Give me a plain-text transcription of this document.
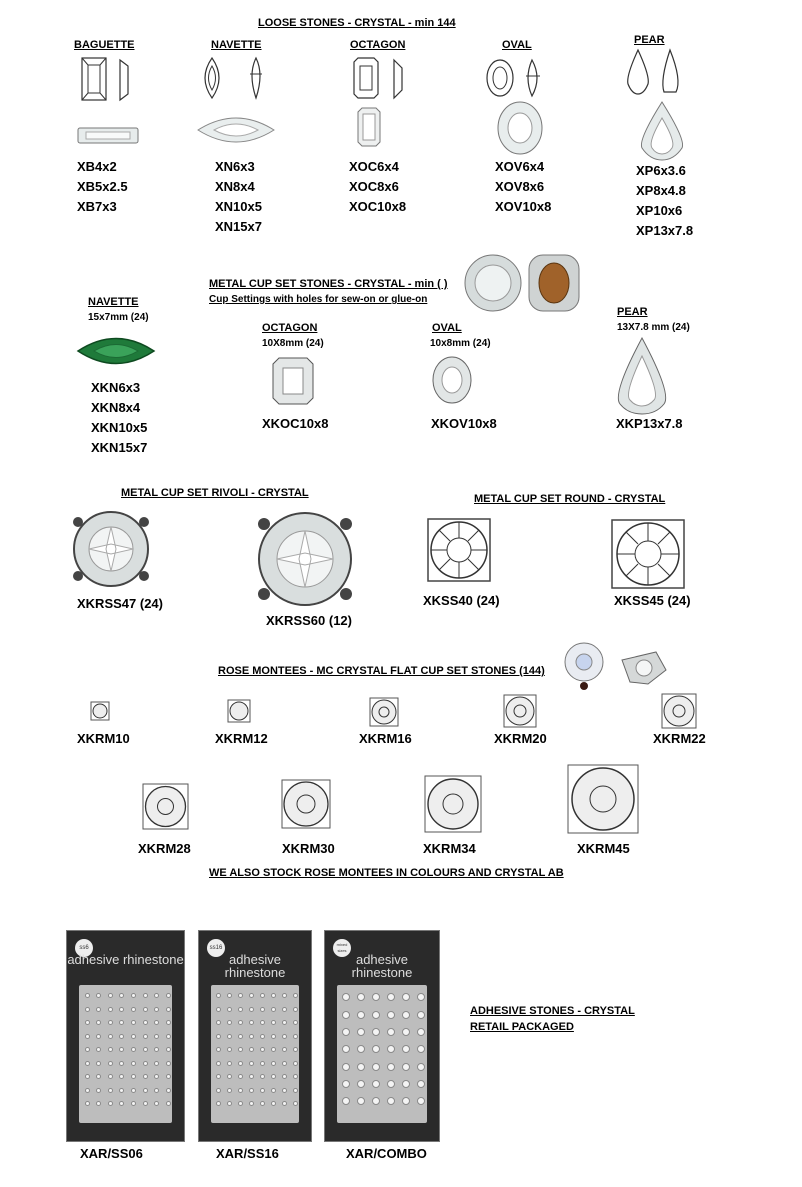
LOOSE STONES - CRYSTAL - min 144
BAGUETTE
XB4x2
XB5x2.5
XB7x3
NAVETTE
XN6x3
XN8x4
XN10x5
XN15x7
OCTAGON
XOC6x4
XOC8x6
XOC10x8
OVAL
XOV6x4
XOV8x6
XOV10x8
PEAR
XP6x3.6
XP8x4.8
XP10x6
XP13x7.8
METAL CUP SET STONES - CRYSTAL - min ( )
Cup Settings with holes for sew-on or glue-on
NAVETTE
15x7mm (24)
XKN6x3
XKN8x4
XKN10x5
XKN15x7
OCTAGON
10X8mm (24)
XKOC10x8
OVAL
10x8mm (24)
XKOV10x8
PEAR
13X7.8 mm (24)
XKP13x7.8
METAL CUP SET RIVOLI - CRYSTAL
XKRSS47 (24)
XKRSS60 (12)
METAL CUP SET ROUND - CRYSTAL
XKSS40 (24)	XKSS45 (24)
ROSE MONTEES - MC CRYSTAL FLAT CUP SET STONES (144)
XKRM10	XKRM12	XKRM16	XKRM20	XKRM22
XKRM28	XKRM30	XKRM34	XKRM45
WE ALSO STOCK ROSE MONTEES IN COLOURS AND CRYSTAL AB
ss6
adhesive rhinestone
XAR/SS06
ss16
adhesive rhinestone
XAR/SS16
mixed sizes
adhesive rhinestone
XAR/COMBO
ADHESIVE STONES - CRYSTAL
RETAIL PACKAGED
